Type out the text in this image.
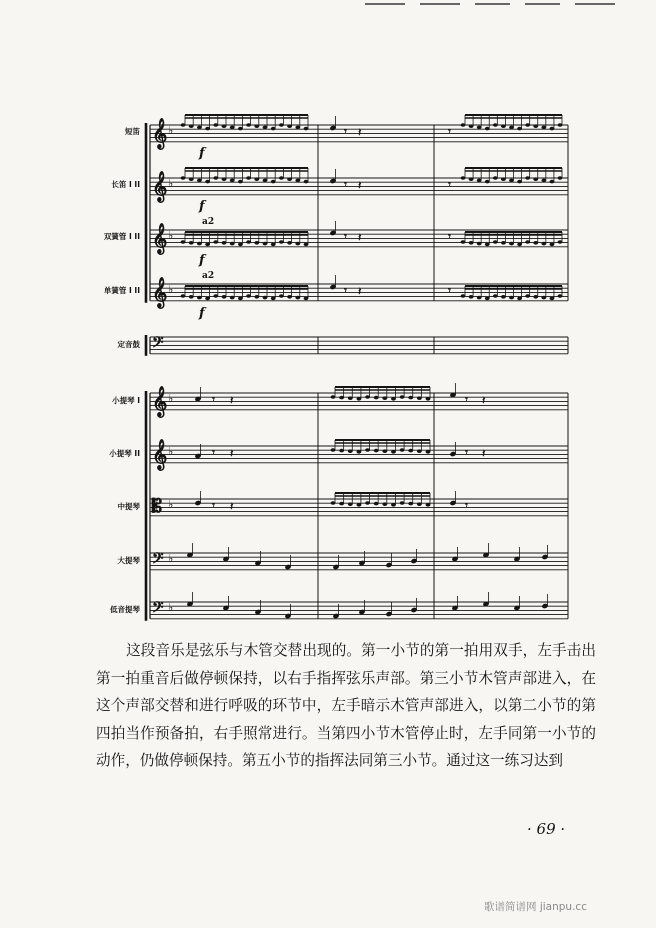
𝄞 ♭
𝄞 ♭
𝄞 ♭
𝄞 ♭
𝄢
𝄞 ♭
𝄞 ♭
𝄡 ♭
𝄢 ♭
𝄢 ♭
𝄾 𝄽	𝄾
𝄾 𝄽	𝄾
𝄾 𝄽	𝄾
𝄾 𝄽	𝄾
f
f
f
f
a2
a2
𝄾 𝄽	𝄾 𝄽
𝄾 𝄽	𝄾 𝄽
𝄾 𝄽	𝄾
短笛
长笛 I II
双簧管 I II
单簧管 I II
定音鼓
小提琴 I
小提琴 II
中提琴
大提琴
低音提琴

这段音乐是弦乐与木管交替出现的。第一小节的第一拍用双手，左手击出第一拍重音后做停顿保持，以右手指挥弦乐声部。第三小节木管声部进入，在这个声部交替和进行呼吸的环节中，左手暗示木管声部进入，以第二小节的第四拍当作预备拍，右手照常进行。当第四小节木管停止时，左手同第一小节的动作，仍做停顿保持。第五小节的指挥法同第三小节。通过这一练习达到

· 69 ·
歌谱简谱网 jianpu.cc
